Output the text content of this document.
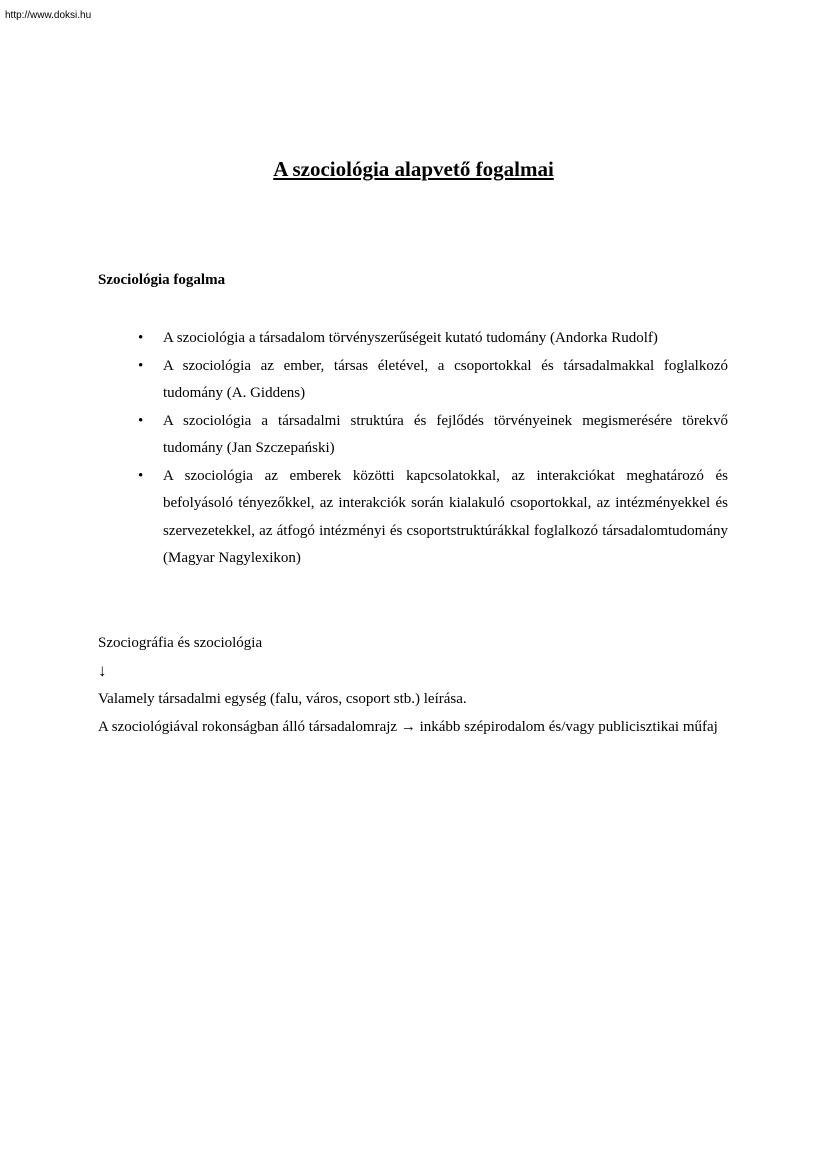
http://www.doksi.hu
A szociológia alapvető fogalmai
Szociológia fogalma
• A szociológia a társadalom törvényszerűségeit kutató tudomány (Andorka Rudolf)
• A szociológia az ember, társas életével, a csoportokkal és társadalmakkal foglalkozó tudomány (A. Giddens)
• A szociológia a társadalmi struktúra és fejlődés törvényeinek megismerésére törekvő tudomány (Jan Szczepański)
• A szociológia az emberek közötti kapcsolatokkal, az interakciókat meghatározó és befolyásoló tényezőkkel, az interakciók során kialakuló csoportokkal, az intézményekkel és szervezetekkel, az átfogó intézményi és csoportstruktúrákkal foglalkozó társadalomtudomány (Magyar Nagylexikon)

Szociográfia és szociológia

↓

Valamely társadalmi egység (falu, város, csoport stb.) leírása.

A szociológiával rokonságban álló társadalomrajz → inkább szépirodalom és/vagy publicisztikai műfaj
